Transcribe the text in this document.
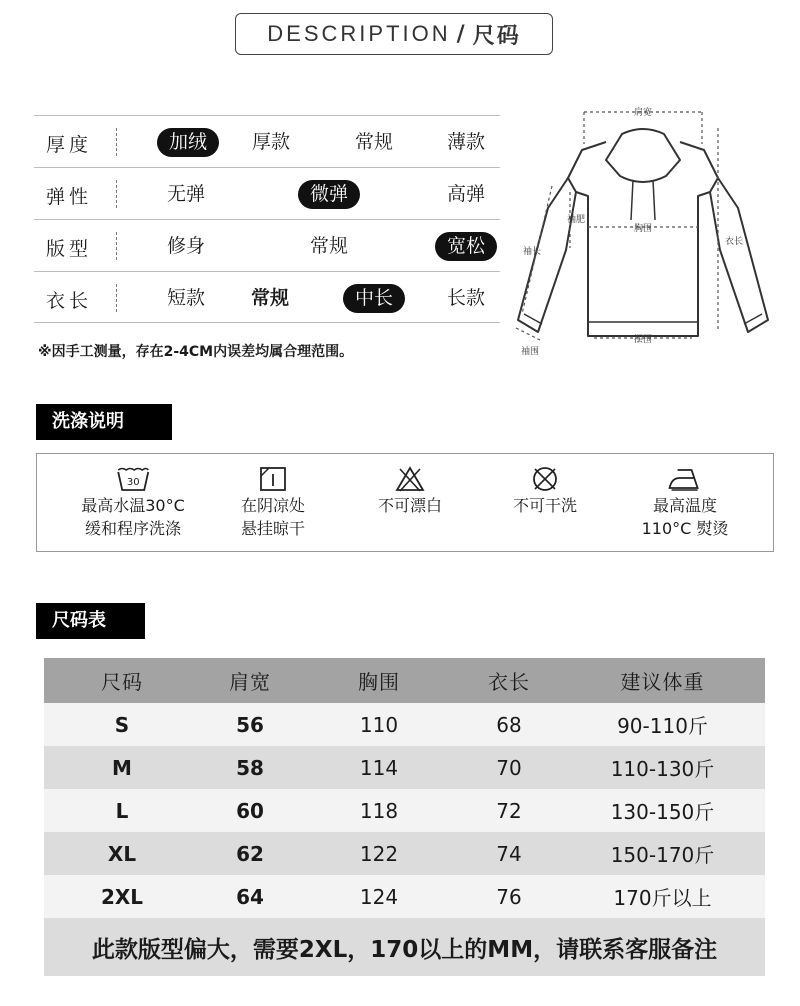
DESCRIPTION / 尺码
厚度	加绒	厚款	常规	薄款
弹性	无弹	微弹	高弹
版型	修身	常规	宽松
衣长	短款	常规	中长	长款
※因手工测量，存在2-4CM内误差均属合理范围。
肩宽
胸围
摆围
衣长
袖肥
袖长
袖围
洗涤说明
30
最高水温30°C
缓和程序洗涤
在阴凉处
悬挂晾干
不可漂白	不可干洗	最高温度
110°C 熨烫
尺码表
尺码	肩宽	胸围	衣长	建议体重
S	56	110	68	90-110斤
M	58	114	70	110-130斤
L	60	118	72	130-150斤
XL	62	122	74	150-170斤
2XL	64	124	76	170斤以上
此款版型偏大，需要2XL，170以上的MM，请联系客服备注
